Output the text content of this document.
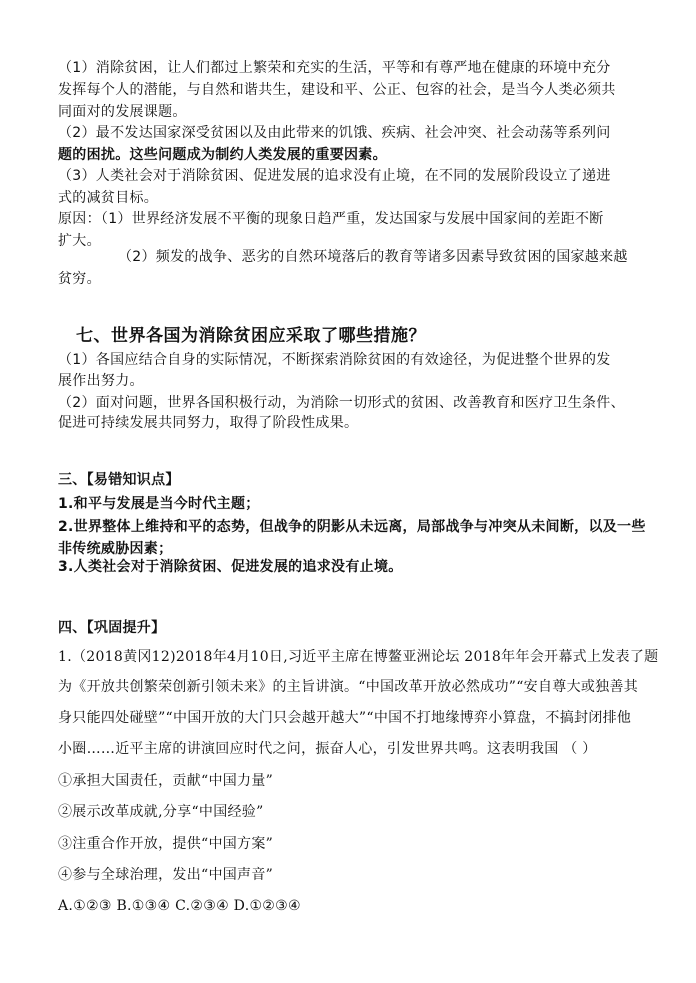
（1）消除贫困，让人们都过上繁荣和充实的生活，平等和有尊严地在健康的环境中充分
发挥每个人的潜能，与自然和谐共生，建设和平、公正、包容的社会，是当今人类必须共
同面对的发展课题。
（2）最不发达国家深受贫困以及由此带来的饥饿、疾病、社会冲突、社会动荡等系列问
题的困扰。这些问题成为制约人类发展的重要因素。
（3）人类社会对于消除贫困、促进发展的追求没有止境，在不同的发展阶段设立了递进
式的减贫目标。
原因：（1）世界经济发展不平衡的现象日趋严重，发达国家与发展中国家间的差距不断
扩大。
（2）频发的战争、恶劣的自然环境落后的教育等诸多因素导致贫困的国家越来越
贫穷。
七、世界各国为消除贫困应采取了哪些措施？
（1）各国应结合自身的实际情况，不断探索消除贫困的有效途径，为促进整个世界的发
展作出努力。
（2）面对问题，世界各国积极行动，为消除一切形式的贫困、改善教育和医疗卫生条件、
促进可持续发展共同努力，取得了阶段性成果。
三、【易错知识点】
1.和平与发展是当今时代主题；
2.世界整体上维持和平的态势，但战争的阴影从未远离，局部战争与冲突从未间断，以及一些
非传统威胁因素；
3.人类社会对于消除贫困、促进发展的追求没有止境。
四、【巩固提升】
1.（2018黄冈12)2018年4月10日,习近平主席在博鳌亚洲论坛 2018年年会开幕式上发表了题
为《开放共创繁荣创新引领未来》的主旨讲演。“中国改革开放必然成功”“安自尊大或独善其
身只能四处碰壁”“中国开放的大门只会越开越大”“中国不打地缘博弈小算盘，不搞封闭排他
小圈……近平主席的讲演回应时代之问，振奋人心，引发世界共鸣。这表明我国 （ ）
①承担大国责任，贡献“中国力量”
②展示改革成就,分享“中国经验”
③注重合作开放，提供“中国方案”
④参与全球治理，发出“中国声音”
A.①②③ B.①③④ C.②③④ D.①②③④
